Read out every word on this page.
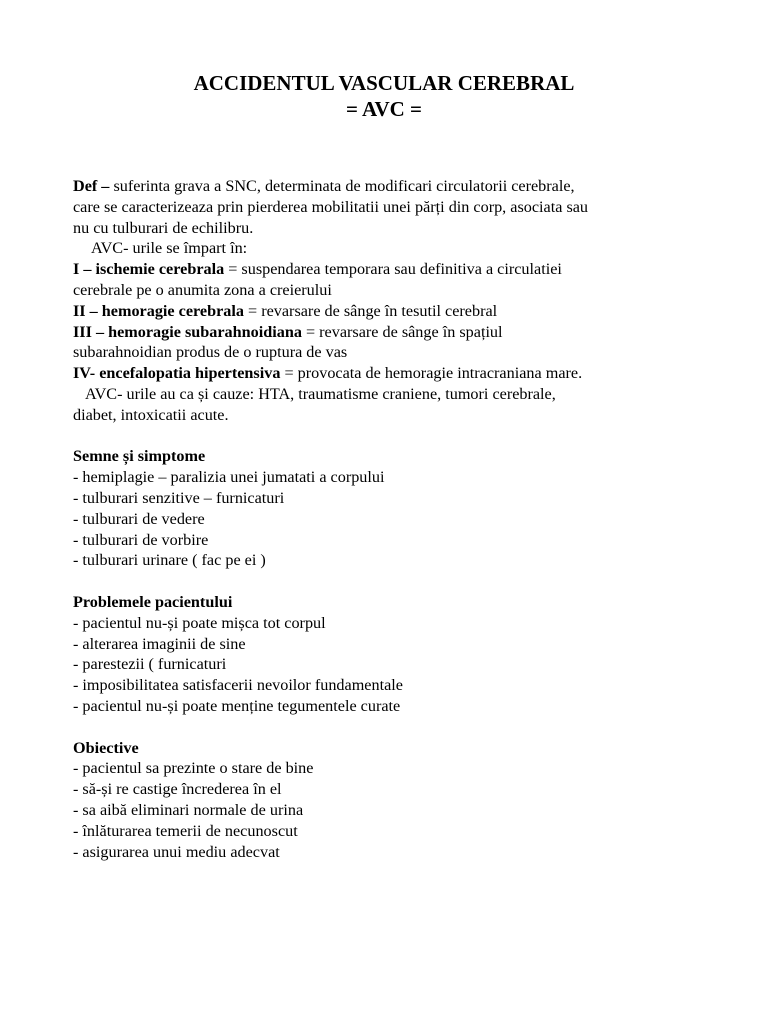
ACCIDENTUL VASCULAR CEREBRAL
= AVC =
Def – suferinta grava a SNC, determinata de modificari circulatorii cerebrale,
care se caracterizeaza prin pierderea mobilitatii unei părți din corp, asociata sau
nu cu tulburari de echilibru.
AVC- urile se împart în:
I – ischemie cerebrala = suspendarea temporara sau definitiva a circulatiei
cerebrale pe o anumita zona a creierului
II – hemoragie cerebrala = revarsare de sânge în tesutil cerebral
III – hemoragie subarahnoidiana = revarsare de sânge în spațiul
subarahnoidian produs de o ruptura de vas
IV- encefalopatia hipertensiva = provocata de hemoragie intracraniana mare.
AVC- urile au ca și cauze: HTA, traumatisme craniene, tumori cerebrale,
diabet, intoxicatii acute.
Semne și simptome
- hemiplagie – paralizia unei jumatati a corpului
- tulburari senzitive – furnicaturi
- tulburari de vedere
- tulburari de vorbire
- tulburari urinare ( fac pe ei )
Problemele pacientului
- pacientul nu-și poate mișca tot corpul
- alterarea imaginii de sine
- parestezii ( furnicaturi
- imposibilitatea satisfacerii nevoilor fundamentale
- pacientul nu-și poate menține tegumentele curate
Obiective
- pacientul sa prezinte o stare de bine
- să-și re castige încrederea în el
- sa aibă eliminari normale de urina
- înlăturarea temerii de necunoscut
- asigurarea unui mediu adecvat
